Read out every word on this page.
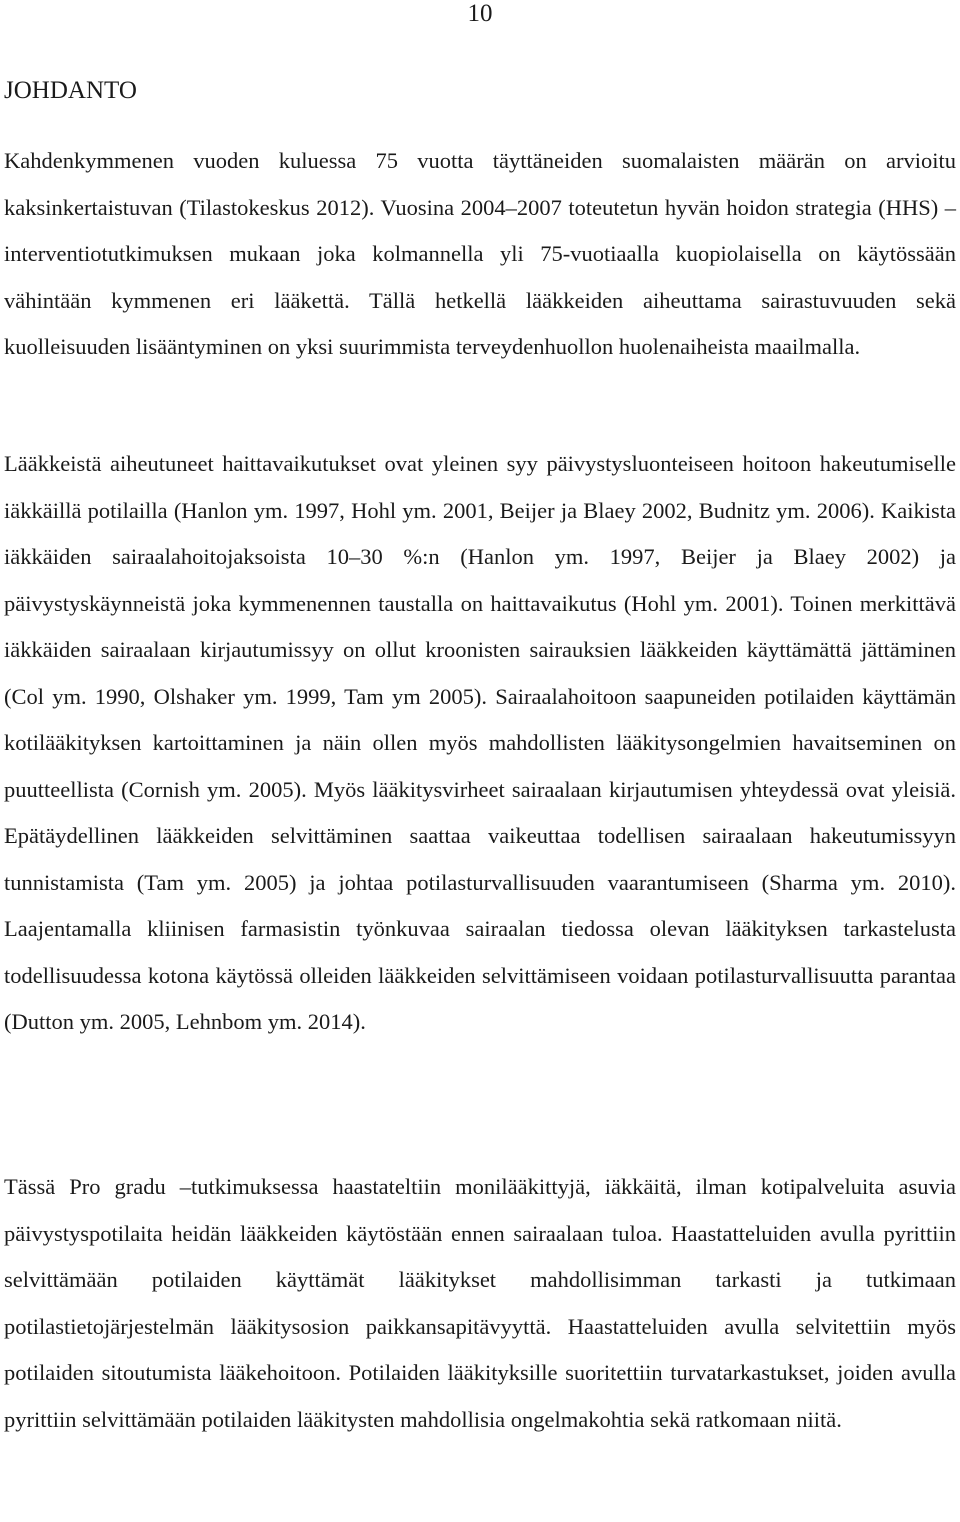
10
JOHDANTO

Kahdenkymmenen vuoden kuluessa 75 vuotta täyttäneiden suomalaisten määrän on arvioitu kaksinkertaistuvan (Tilastokeskus 2012). Vuosina 2004‒2007 toteutetun hyvän hoidon strategia (HHS) ‒interventiotutkimuksen mukaan joka kolmannella yli 75-vuotiaalla kuopiolaisella on käytössään vähintään kymmenen eri lääkettä. Tällä hetkellä lääkkeiden aiheuttama sairastuvuuden sekä kuolleisuuden lisääntyminen on yksi suurimmista terveydenhuollon huolenaiheista maailmalla.

Lääkkeistä aiheutuneet haittavaikutukset ovat yleinen syy päivystysluonteiseen hoitoon hakeutumiselle iäkkäillä potilailla (Hanlon ym. 1997, Hohl ym. 2001, Beijer ja Blaey 2002, Budnitz ym. 2006). Kaikista iäkkäiden sairaalahoitojaksoista 10‒30 %:n (Hanlon ym. 1997, Beijer ja Blaey 2002) ja päivystyskäynneistä joka kymmenennen taustalla on haittavaikutus (Hohl ym. 2001). Toinen merkittävä iäkkäiden sairaalaan kirjautumissyy on ollut kroonisten sairauksien lääkkeiden käyttämättä jättäminen (Col ym. 1990, Olshaker ym. 1999, Tam ym 2005). Sairaalahoitoon saapuneiden potilaiden käyttämän kotilääkityksen kartoittaminen ja näin ollen myös mahdollisten lääkitysongelmien havaitseminen on puutteellista (Cornish ym. 2005). Myös lääkitysvirheet sairaalaan kirjautumisen yhteydessä ovat yleisiä. Epätäydellinen lääkkeiden selvittäminen saattaa vaikeuttaa todellisen sairaalaan hakeutumissyyn tunnistamista (Tam ym. 2005) ja johtaa potilasturvallisuuden vaarantumiseen (Sharma ym. 2010). Laajentamalla kliinisen farmasistin työnkuvaa sairaalan tiedossa olevan lääkityksen tarkastelusta todellisuudessa kotona käytössä olleiden lääkkeiden selvittämiseen voidaan potilasturvallisuutta parantaa (Dutton ym. 2005, Lehnbom ym. 2014).

Tässä Pro gradu ‒tutkimuksessa haastateltiin monilääkittyjä, iäkkäitä, ilman kotipalveluita asuvia päivystyspotilaita heidän lääkkeiden käytöstään ennen sairaalaan tuloa. Haastatteluiden avulla pyrittiin selvittämään potilaiden käyttämät lääkitykset mahdollisimman tarkasti ja tutkimaan potilastietojärjestelmän lääkitysosion paikkansapitävyyttä. Haastatteluiden avulla selvitettiin myös potilaiden sitoutumista lääkehoitoon. Potilaiden lääkityksille suoritettiin turvatarkastukset, joiden avulla pyrittiin selvittämään potilaiden lääkitysten mahdollisia ongelmakohtia sekä ratkomaan niitä.
